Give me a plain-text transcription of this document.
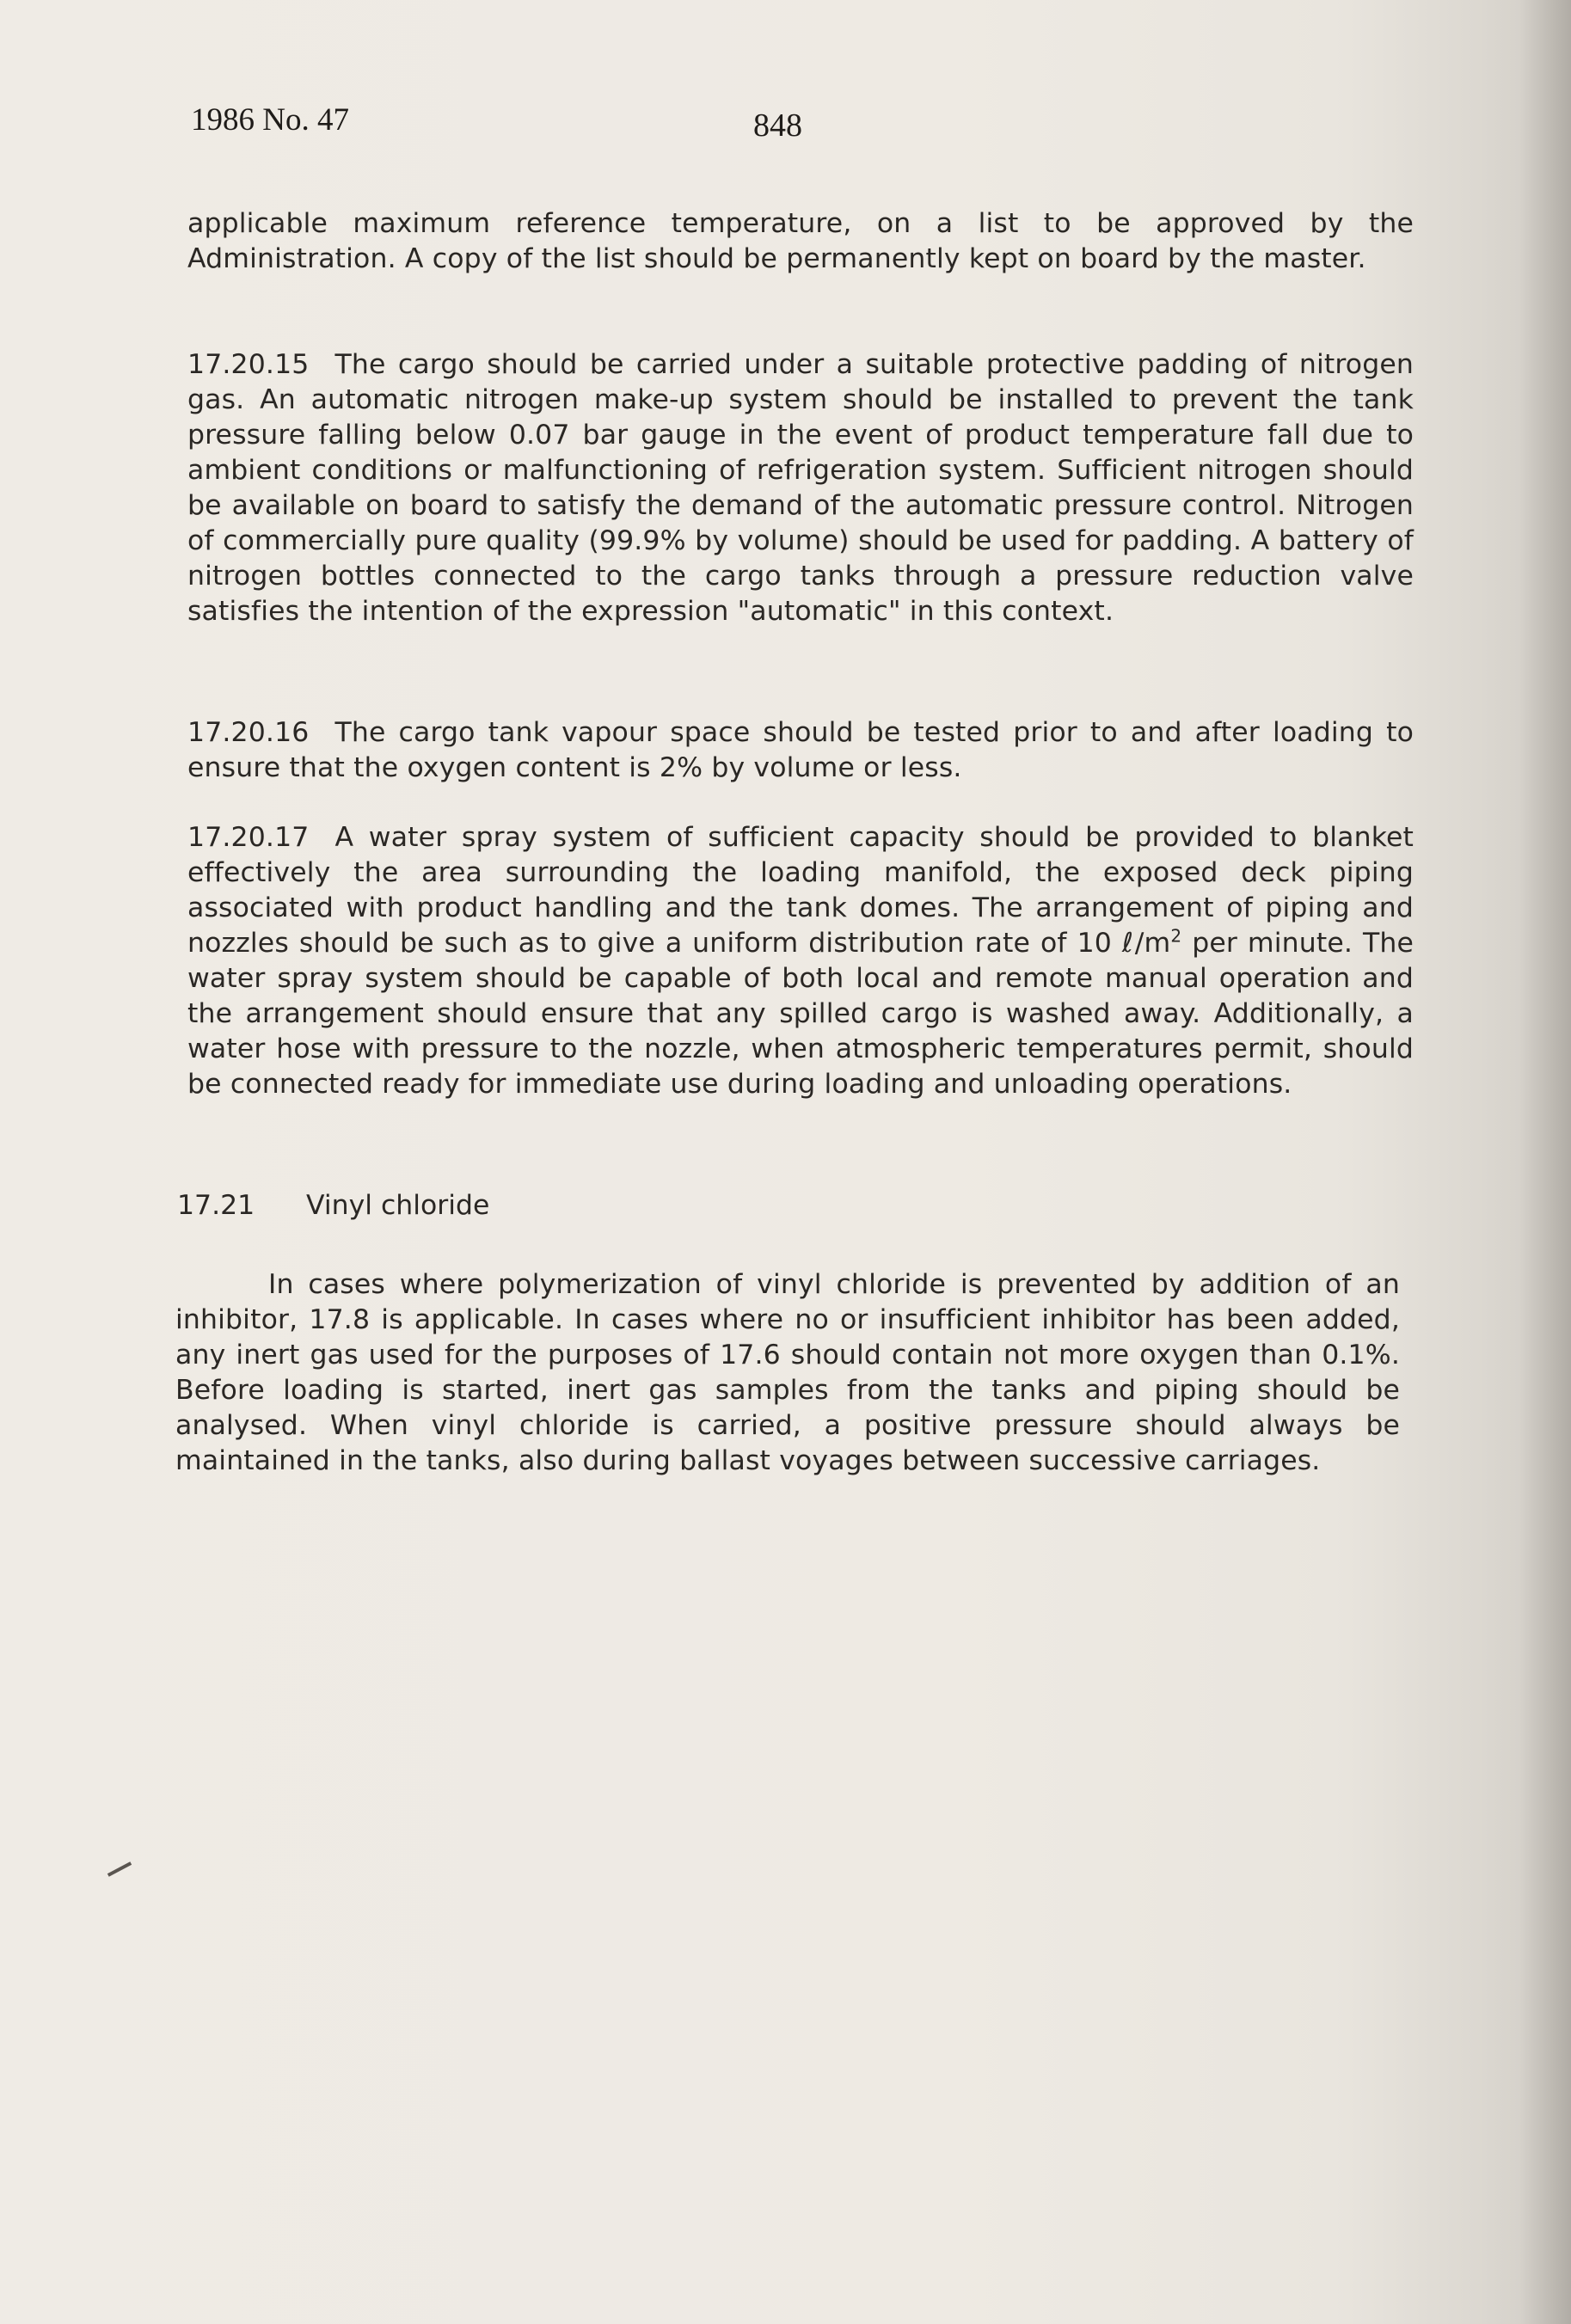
1986 No. 47	848
applicable maximum reference temperature, on a list to be approved by the Administration. A copy of the list should be permanently kept on board by the master.
17.20.15 The cargo should be carried under a suitable protective padding of nitrogen gas. An automatic nitrogen make-up system should be installed to prevent the tank pressure falling below 0.07 bar gauge in the event of product temperature fall due to ambient conditions or malfunctioning of refrigeration system. Sufficient nitrogen should be available on board to satisfy the demand of the automatic pressure control. Nitrogen of commercially pure quality (99.9% by volume) should be used for padding. A battery of nitrogen bottles connected to the cargo tanks through a pressure reduction valve satisfies the intention of the expression "automatic" in this context.
17.20.16 The cargo tank vapour space should be tested prior to and after loading to ensure that the oxygen content is 2% by volume or less.
17.20.17 A water spray system of sufficient capacity should be provided to blanket effectively the area surrounding the loading manifold, the exposed deck piping associated with product handling and the tank domes. The arrangement of piping and nozzles should be such as to give a uniform distribution rate of 10 $\ell/m^2$ per minute. The water spray system should be capable of both local and remote manual operation and the arrangement should ensure that any spilled cargo is washed away. Additionally, a water hose with pressure to the nozzle, when atmospheric temperatures permit, should be connected ready for immediate use during loading and unloading operations.
17.21 Vinyl chloride
In cases where polymerization of vinyl chloride is prevented by addition of an inhibitor, 17.8 is applicable. In cases where no or insufficient inhibitor has been added, any inert gas used for the purposes of 17.6 should contain not more oxygen than 0.1%. Before loading is started, inert gas samples from the tanks and piping should be analysed. When vinyl chloride is carried, a positive pressure should always be maintained in the tanks, also during ballast voyages between successive carriages.
